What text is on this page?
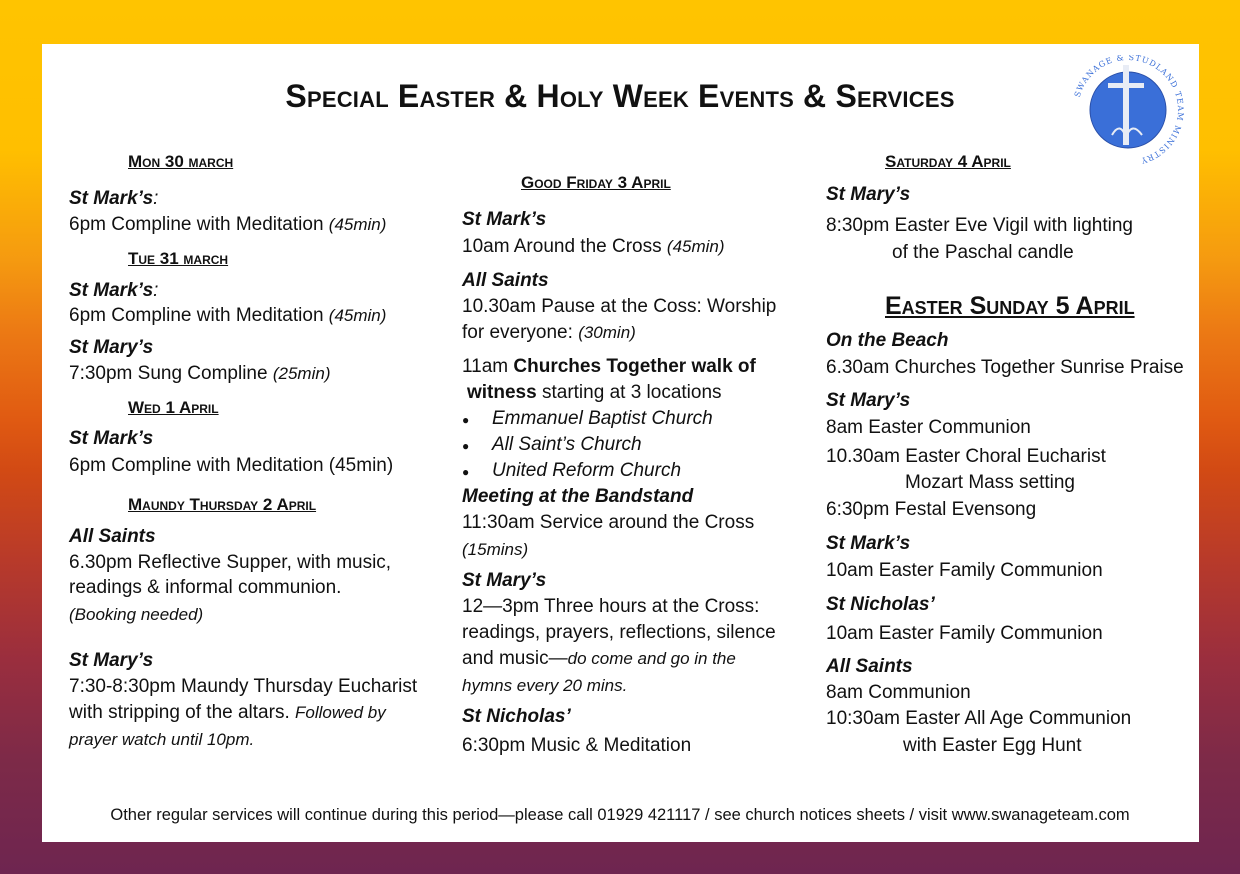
Special Easter & Holy Week Events & Services	SWANAGE & STUDLAND TEAM MINISTRY
Mon 30 march
St Mark’s:
6pm Compline with Meditation (45min)
Tue 31 march
St Mark’s:
6pm Compline with Meditation (45min)
St Mary’s
7:30pm Sung Compline (25min)
Wed 1 April
St Mark’s
6pm Compline with Meditation (45min)
Maundy Thursday 2 April
All Saints
6.30pm Reflective Supper, with music,
readings & informal communion.
(Booking needed)
St Mary’s
7:30-8:30pm Maundy Thursday Eucharist
with stripping of the altars. Followed by
prayer watch until 10pm.
Good Friday 3 April
St Mark’s
10am Around the Cross (45min)
All Saints
10.30am Pause at the Coss: Worship
for everyone: (30min)
11am Churches Together walk of
witness starting at 3 locations
● Emmanuel Baptist Church
● All Saint’s Church
● United Reform Church
Meeting at the Bandstand
11:30am Service around the Cross
(15mins)
St Mary’s
12—3pm Three hours at the Cross:
readings, prayers, reflections, silence
and music—do come and go in the
hymns every 20 mins.
St Nicholas’
6:30pm Music & Meditation
Saturday 4 April
St Mary’s
8:30pm Easter Eve Vigil with lighting
of the Paschal candle
Easter Sunday 5 April
On the Beach
6.30am Churches Together Sunrise Praise
St Mary’s
8am Easter Communion
10.30am Easter Choral Eucharist
Mozart Mass setting
6:30pm Festal Evensong
St Mark’s
10am Easter Family Communion
St Nicholas’
10am Easter Family Communion
All Saints
8am Communion
10:30am Easter All Age Communion
with Easter Egg Hunt
Other regular services will continue during this period—please call 01929 421117 / see church notices sheets / visit www.swanageteam.com
